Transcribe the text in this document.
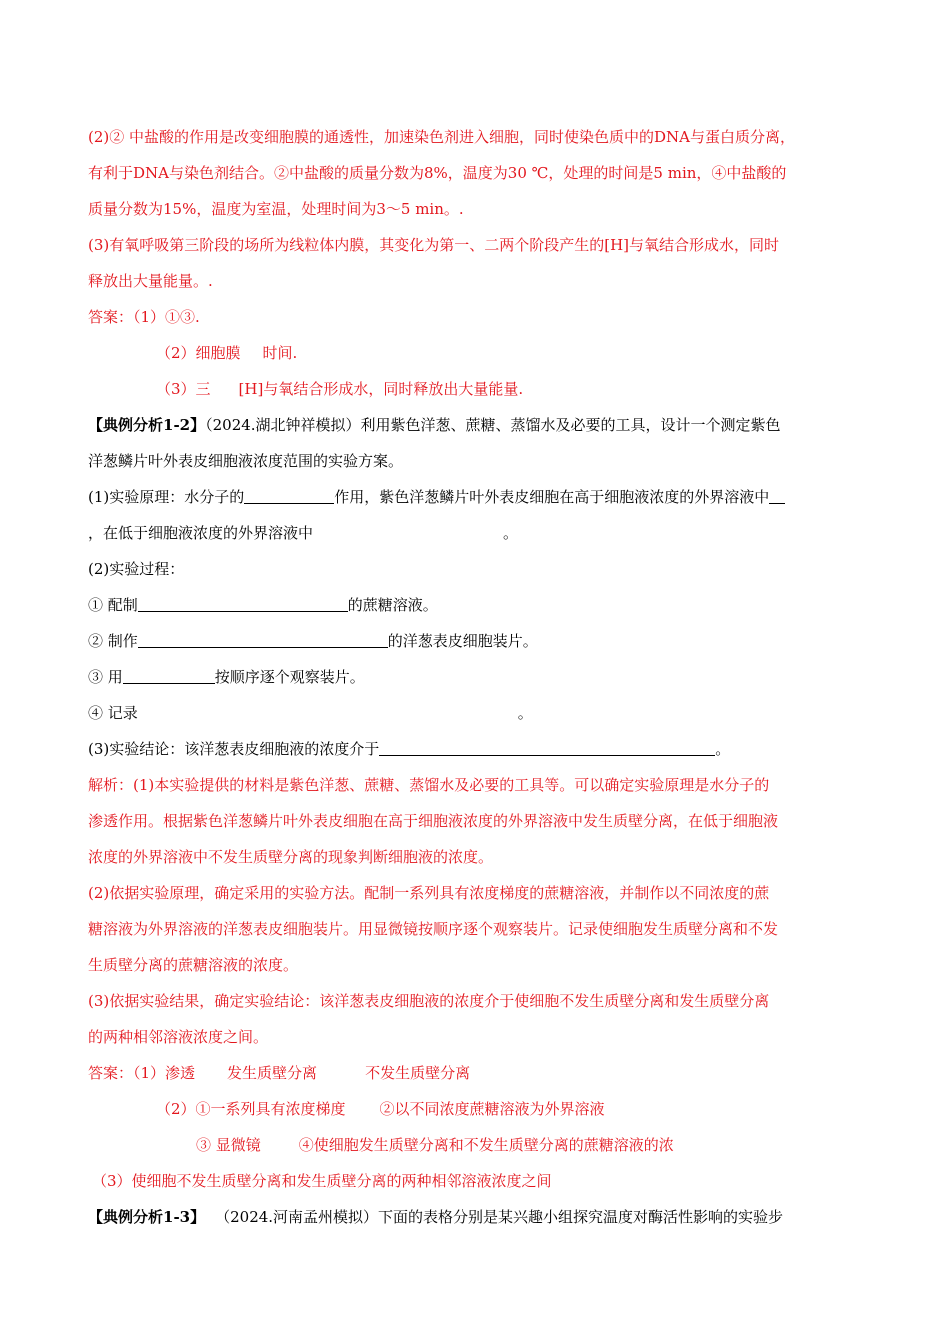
(2)② 中盐酸的作用是改变细胞膜的通透性，加速染色剂进入细胞，同时使染色质中的DNA与蛋白质分离，
有利于DNA与染色剂结合。②中盐酸的质量分数为8%，温度为30 ℃，处理的时间是5 min，④中盐酸的
质量分数为15%，温度为室温，处理时间为3～5 min。.
(3)有氧呼吸第三阶段的场所为线粒体内膜，其变化为第一、二两个阶段产生的[H]与氧结合形成水，同时
释放出大量能量。.
答案：（1）①③.
（2）细胞膜 时间.
（3）三 [H]与氧结合形成水，同时释放出大量能量.
【典例分析1-2】（2024.湖北钟祥模拟）利用紫色洋葱、蔗糖、蒸馏水及必要的工具，设计一个测定紫色
洋葱鳞片叶外表皮细胞液浓度范围的实验方案。
(1)实验原理：水分子的	作用，紫色洋葱鳞片叶外表皮细胞在高于细胞液浓度的外界溶液中
，在低于细胞液浓度的外界溶液中	。
(2)实验过程：
① 配制	的蔗糖溶液。
② 制作	的洋葱表皮细胞装片。
③ 用	按顺序逐个观察装片。
④ 记录	。
(3)实验结论：该洋葱表皮细胞液的浓度介于	。
解析：(1)本实验提供的材料是紫色洋葱、蔗糖、蒸馏水及必要的工具等。可以确定实验原理是水分子的
渗透作用。根据紫色洋葱鳞片叶外表皮细胞在高于细胞液浓度的外界溶液中发生质壁分离，在低于细胞液
浓度的外界溶液中不发生质壁分离的现象判断细胞液的浓度。
(2)依据实验原理，确定采用的实验方法。配制一系列具有浓度梯度的蔗糖溶液，并制作以不同浓度的蔗
糖溶液为外界溶液的洋葱表皮细胞装片。用显微镜按顺序逐个观察装片。记录使细胞发生质壁分离和不发
生质壁分离的蔗糖溶液的浓度。
(3)依据实验结果，确定实验结论：该洋葱表皮细胞液的浓度介于使细胞不发生质壁分离和发生质壁分离
的两种相邻溶液浓度之间。
答案：（1）渗透 发生质壁分离	不发生质壁分离
（2）①一系列具有浓度梯度 ②以不同浓度蔗糖溶液为外界溶液
③ 显微镜	④使细胞发生质壁分离和不发生质壁分离的蔗糖溶液的浓
（3）使细胞不发生质壁分离和发生质壁分离的两种相邻溶液浓度之间
【典例分析1-3】 （2024.河南孟州模拟）下面的表格分别是某兴趣小组探究温度对酶活性影响的实验步
